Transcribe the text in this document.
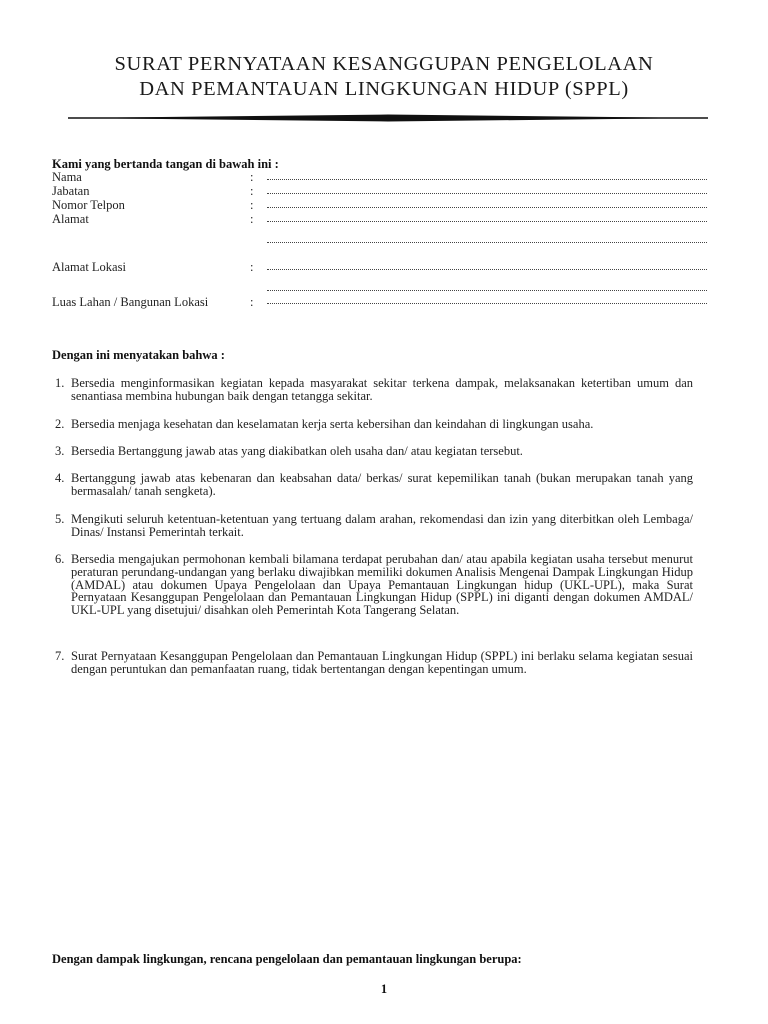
SURAT PERNYATAAN KESANGGUPAN PENGELOLAAN
DAN PEMANTAUAN LINGKUNGAN HIDUP (SPPL)
Kami yang bertanda tangan di bawah ini :
Nama	:
Jabatan	:
Nomor Telpon	:
Alamat	:
Alamat Lokasi	:
Luas Lahan / Bangunan Lokasi	:
Dengan ini menyatakan bahwa :
1. Bersedia menginformasikan kegiatan kepada masyarakat sekitar terkena dampak, melaksanakan ketertiban umum dan senantiasa membina hubungan baik dengan tetangga sekitar.
2. Bersedia menjaga kesehatan dan keselamatan kerja serta kebersihan dan keindahan di lingkungan usaha.
3. Bersedia Bertanggung jawab atas yang diakibatkan oleh usaha dan/ atau kegiatan tersebut.
4. Bertanggung jawab atas kebenaran dan keabsahan data/ berkas/ surat kepemilikan tanah (bukan merupakan tanah yang bermasalah/ tanah sengketa).
5. Mengikuti seluruh ketentuan-ketentuan yang tertuang dalam arahan, rekomendasi dan izin yang diterbitkan oleh Lembaga/ Dinas/ Instansi Pemerintah terkait.
6. Bersedia mengajukan permohonan kembali bilamana terdapat perubahan dan/ atau apabila kegiatan usaha tersebut menurut peraturan perundang-undangan yang berlaku diwajibkan memiliki dokumen Analisis Mengenai Dampak Lingkungan Hidup (AMDAL) atau dokumen Upaya Pengelolaan dan Upaya Pemantauan Lingkungan hidup (UKL-UPL), maka Surat Pernyataan Kesanggupan Pengelolaan dan Pemantauan Lingkungan Hidup (SPPL) ini diganti dengan dokumen AMDAL/ UKL-UPL yang disetujui/ disahkan oleh Pemerintah Kota Tangerang Selatan.
7. Surat Pernyataan Kesanggupan Pengelolaan dan Pemantauan Lingkungan Hidup (SPPL) ini berlaku selama kegiatan sesuai dengan peruntukan dan pemanfaatan ruang, tidak bertentangan dengan kepentingan umum.
Dengan dampak lingkungan, rencana pengelolaan dan pemantauan lingkungan berupa:
1
